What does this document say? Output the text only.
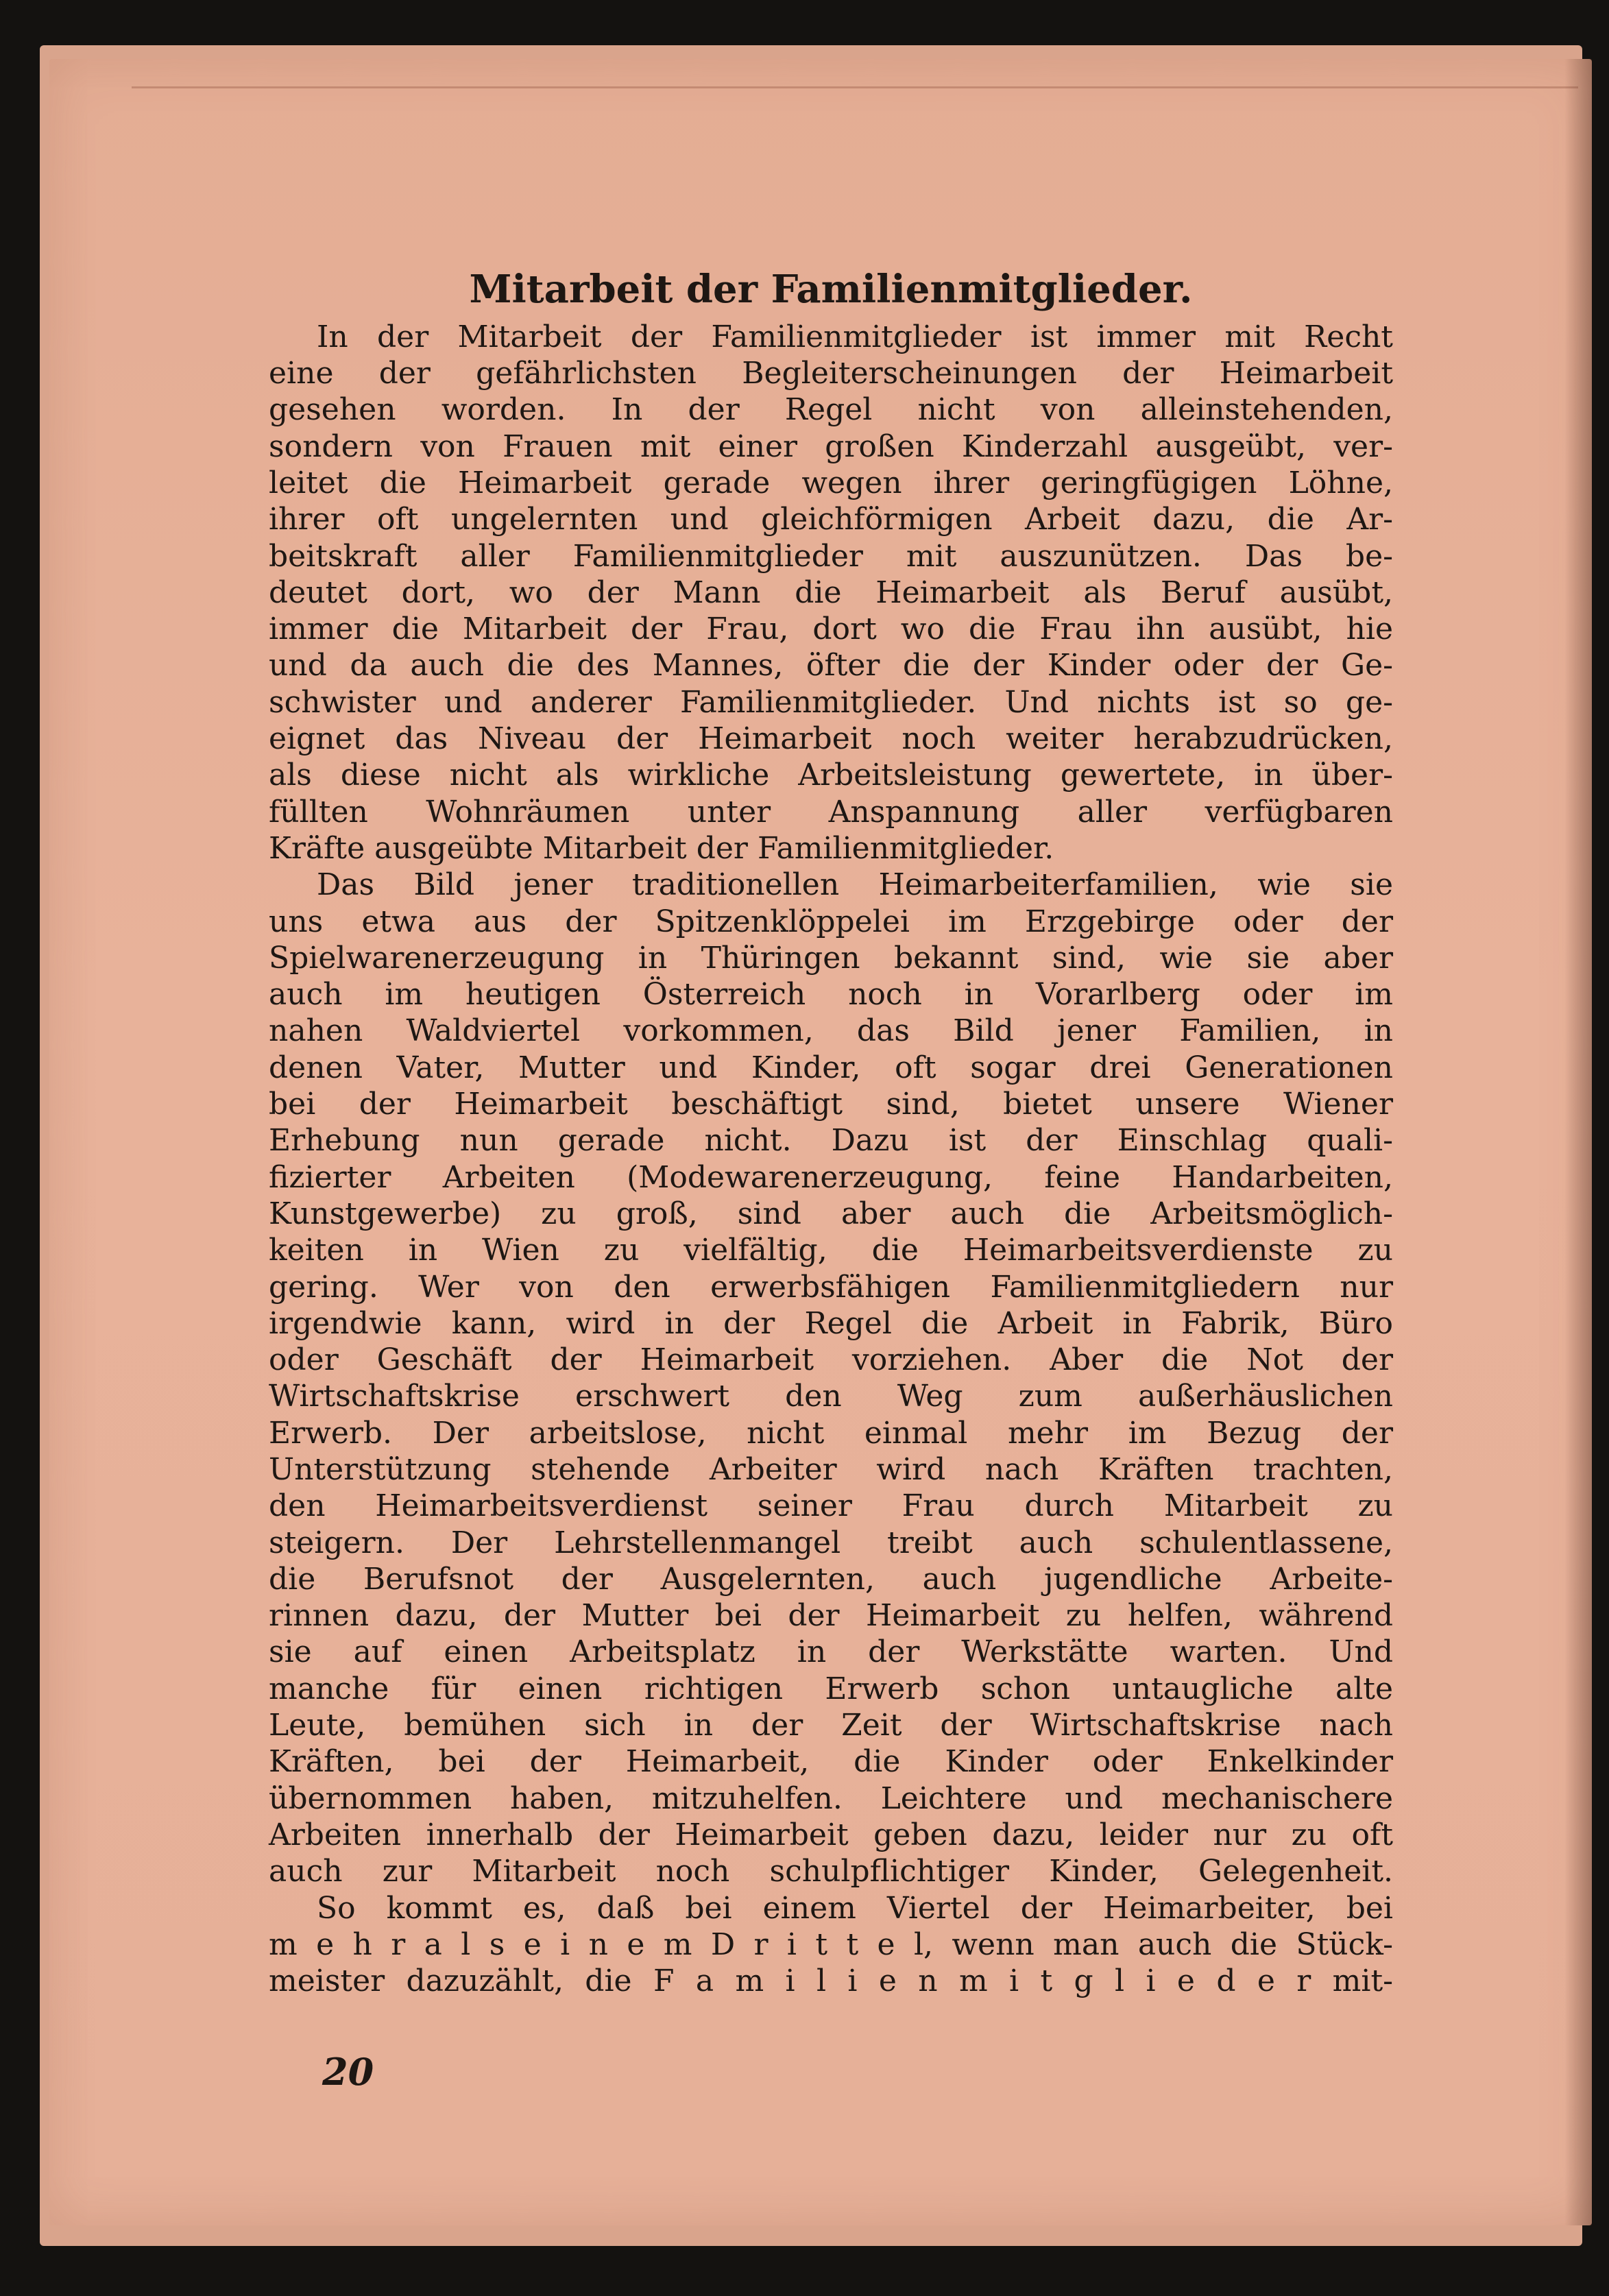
Mitarbeit der Familienmitglieder.
In der Mitarbeit der Familienmitglieder ist immer mit Recht
eine der gefährlichsten Begleiterscheinungen der Heimarbeit
gesehen worden. In der Regel nicht von alleinstehenden,
sondern von Frauen mit einer großen Kinderzahl ausgeübt, ver-
leitet die Heimarbeit gerade wegen ihrer geringfügigen Löhne,
ihrer oft ungelernten und gleichförmigen Arbeit dazu, die Ar-
beitskraft aller Familienmitglieder mit auszunützen. Das be-
deutet dort, wo der Mann die Heimarbeit als Beruf ausübt,
immer die Mitarbeit der Frau, dort wo die Frau ihn ausübt, hie
und da auch die des Mannes, öfter die der Kinder oder der Ge-
schwister und anderer Familienmitglieder. Und nichts ist so ge-
eignet das Niveau der Heimarbeit noch weiter herabzudrücken,
als diese nicht als wirkliche Arbeitsleistung gewertete, in über-
füllten Wohnräumen unter Anspannung aller verfügbaren
Kräfte ausgeübte Mitarbeit der Familienmitglieder.
Das Bild jener traditionellen Heimarbeiterfamilien, wie sie
uns etwa aus der Spitzenklöppelei im Erzgebirge oder der
Spielwarenerzeugung in Thüringen bekannt sind, wie sie aber
auch im heutigen Österreich noch in Vorarlberg oder im
nahen Waldviertel vorkommen, das Bild jener Familien, in
denen Vater, Mutter und Kinder, oft sogar drei Generationen
bei der Heimarbeit beschäftigt sind, bietet unsere Wiener
Erhebung nun gerade nicht. Dazu ist der Einschlag quali-
fizierter Arbeiten (Modewarenerzeugung, feine Handarbeiten,
Kunstgewerbe) zu groß, sind aber auch die Arbeitsmöglich-
keiten in Wien zu vielfältig, die Heimarbeitsverdienste zu
gering. Wer von den erwerbsfähigen Familienmitgliedern nur
irgendwie kann, wird in der Regel die Arbeit in Fabrik, Büro
oder Geschäft der Heimarbeit vorziehen. Aber die Not der
Wirtschaftskrise erschwert den Weg zum außerhäuslichen
Erwerb. Der arbeitslose, nicht einmal mehr im Bezug der
Unterstützung stehende Arbeiter wird nach Kräften trachten,
den Heimarbeitsverdienst seiner Frau durch Mitarbeit zu
steigern. Der Lehrstellenmangel treibt auch schulentlassene,
die Berufsnot der Ausgelernten, auch jugendliche Arbeite-
rinnen dazu, der Mutter bei der Heimarbeit zu helfen, während
sie auf einen Arbeitsplatz in der Werkstätte warten. Und
manche für einen richtigen Erwerb schon untaugliche alte
Leute, bemühen sich in der Zeit der Wirtschaftskrise nach
Kräften, bei der Heimarbeit, die Kinder oder Enkelkinder
übernommen haben, mitzuhelfen. Leichtere und mechanischere
Arbeiten innerhalb der Heimarbeit geben dazu, leider nur zu oft
auch zur Mitarbeit noch schulpflichtiger Kinder, Gelegenheit.
So kommt es, daß bei einem Viertel der Heimarbeiter, bei
m e h r a l s e i n e m D r i t t e l, wenn man auch die Stück-
meister dazuzählt, die F a m i l i e n m i t g l i e d e r mit-
20
